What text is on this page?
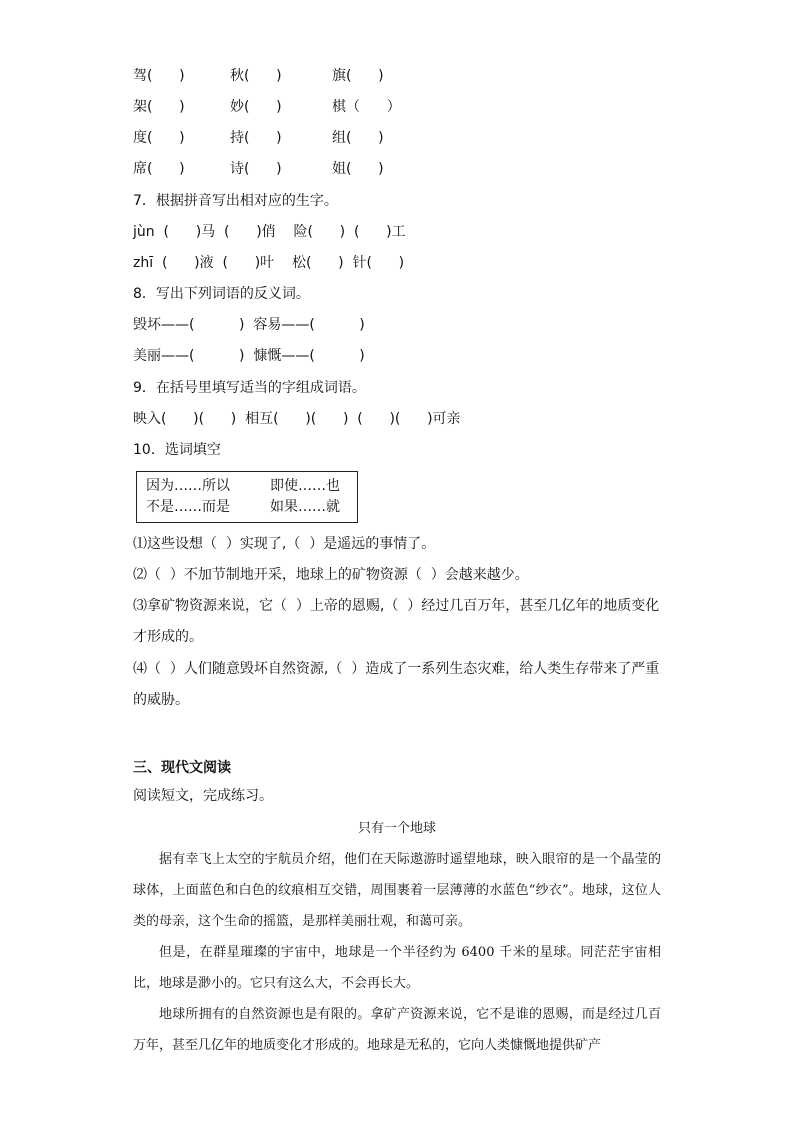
驾(      )	秋(      )	旗(      )
架(      )	妙(      )	棋（      ）
度(      )	持(      )	组(      )
席(      )	诗(      )	姐(      )
7．根据拼音写出相对应的生字。
jùn  (      )马  (      )俏    险(      )  (      )工
zhī  (      )液  (      )叶    松(      )  针(      )
8．写出下列词语的反义词。
毁坏——(          )  容易——(          )
美丽——(          )  慷慨——(          )
9．在括号里填写适当的字组成词语。
映入(      )(      )  相互(      )(      )  (      )(      )可亲
10．选词填空
因为……所以	即使……也
不是……而是	如果……就
⑴这些设想（  ）实现了,（  ）是遥远的事情了。
⑵（  ）不加节制地开采，地球上的矿物资源（  ）会越来越少。
⑶拿矿物资源来说，它（  ）上帝的恩赐,（  ）经过几百万年，甚至几亿年的地质变化
才形成的。
⑷（  ）人们随意毁坏自然资源,（  ）造成了一系列生态灾难，给人类生存带来了严重
的威胁。
三、现代文阅读
阅读短文，完成练习。
只有一个地球
据有幸飞上太空的宇航员介绍，他们在天际遨游时遥望地球，映入眼帘的是一个晶莹的球体，上面蓝色和白色的纹痕相互交错，周围裹着一层薄薄的水蓝色“纱衣”。地球，这位人类的母亲，这个生命的摇篮，是那样美丽壮观，和蔼可亲。
但是，在群星璀璨的宇宙中，地球是一个半径约为 6400 千米的星球。同茫茫宇宙相比，地球是渺小的。它只有这么大，不会再长大。
地球所拥有的自然资源也是有限的。拿矿产资源来说，它不是谁的恩赐，而是经过几百万年，甚至几亿年的地质变化才形成的。地球是无私的，它向人类慷慨地提供矿产
